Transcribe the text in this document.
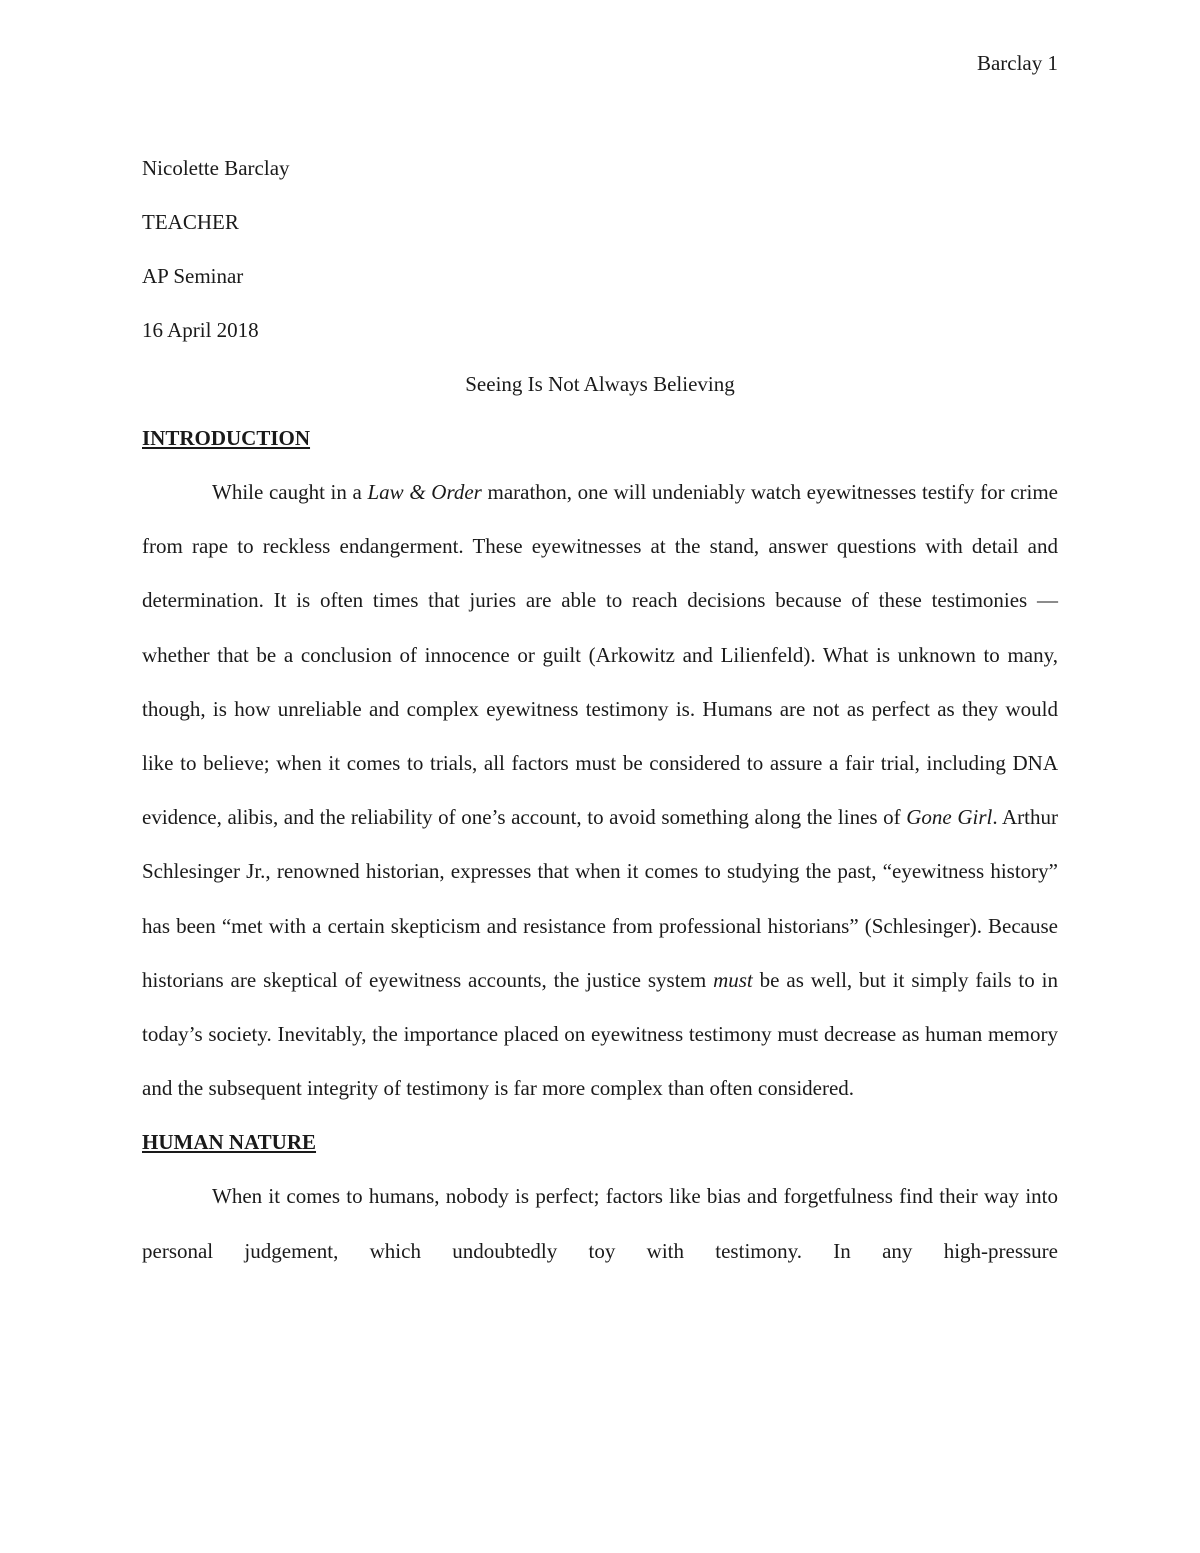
Barclay 1

Nicolette Barclay

TEACHER

AP Seminar

16 April 2018

Seeing Is Not Always Believing

INTRODUCTION

While caught in a Law & Order marathon, one will undeniably watch eyewitnesses testify for crime from rape to reckless endangerment. These eyewitnesses at the stand, answer questions with detail and determination. It is often times that juries are able to reach decisions because of these testimonies — whether that be a conclusion of innocence or guilt (Arkowitz and Lilienfeld). What is unknown to many, though, is how unreliable and complex eyewitness testimony is. Humans are not as perfect as they would like to believe; when it comes to trials, all factors must be considered to assure a fair trial, including DNA evidence, alibis, and the reliability of one’s account, to avoid something along the lines of Gone Girl. Arthur Schlesinger Jr., renowned historian, expresses that when it comes to studying the past, “eyewitness history” has been “met with a certain skepticism and resistance from professional historians” (Schlesinger). Because historians are skeptical of eyewitness accounts, the justice system must be as well, but it simply fails to in today’s society. Inevitably, the importance placed on eyewitness testimony must decrease as human memory and the subsequent integrity of testimony is far more complex than often considered.

HUMAN NATURE

When it comes to humans, nobody is perfect; factors like bias and forgetfulness find their way into personal judgement, which undoubtedly toy with testimony. In any high-pressure
